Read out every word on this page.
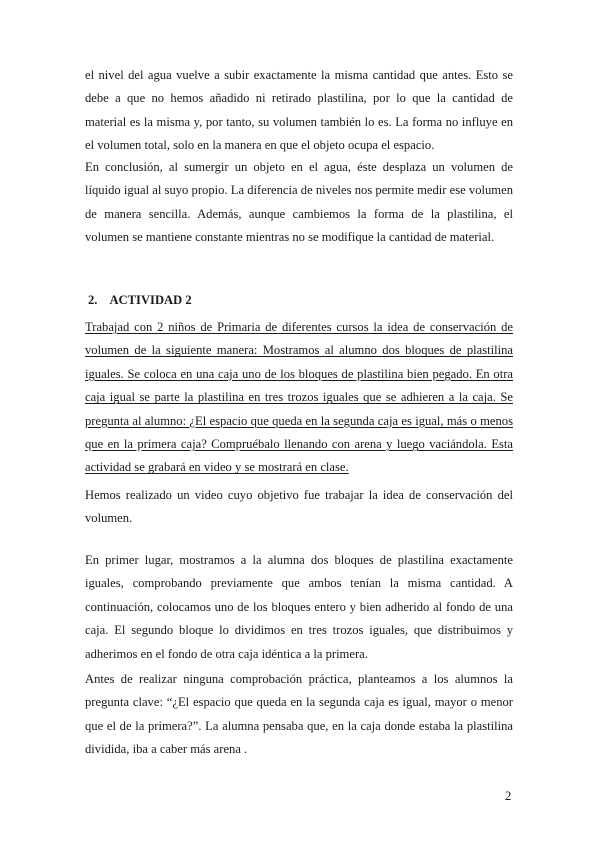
el nivel del agua vuelve a subir exactamente la misma cantidad que antes. Esto se debe a que no hemos añadido ni retirado plastilina, por lo que la cantidad de material es la misma y, por tanto, su volumen también lo es. La forma no influye en el volumen total, solo en la manera en que el objeto ocupa el espacio.

En conclusión, al sumergir un objeto en el agua, éste desplaza un volumen de líquido igual al suyo propio. La diferencia de niveles nos permite medir ese volumen de manera sencilla. Además, aunque cambiemos la forma de la plastilina, el volumen se mantiene constante mientras no se modifique la cantidad de material.

2. ACTIVIDAD 2

Trabajad con 2 niños de Primaria de diferentes cursos la idea de conservación de volumen de la siguiente manera: Mostramos al alumno dos bloques de plastilina iguales. Se coloca en una caja uno de los bloques de plastilina bien pegado. En otra caja igual se parte la plastilina en tres trozos iguales que se adhieren a la caja. Se pregunta al alumno: ¿El espacio que queda en la segunda caja es igual, más o menos que en la primera caja? Compruébalo llenando con arena y luego vaciándola. Esta actividad se grabará en video y se mostrará en clase.

Hemos realizado un video cuyo objetivo fue trabajar la idea de conservación del volumen.

En primer lugar, mostramos a la alumna dos bloques de plastilina exactamente iguales, comprobando previamente que ambos tenían la misma cantidad. A continuación, colocamos uno de los bloques entero y bien adherido al fondo de una caja. El segundo bloque lo dividimos en tres trozos iguales, que distribuimos y adherimos en el fondo de otra caja idéntica a la primera.

Antes de realizar ninguna comprobación práctica, planteamos a los alumnos la pregunta clave: “¿El espacio que queda en la segunda caja es igual, mayor o menor que el de la primera?”. La alumna pensaba que, en la caja donde estaba la plastilina dividida, iba a caber más arena .

2
